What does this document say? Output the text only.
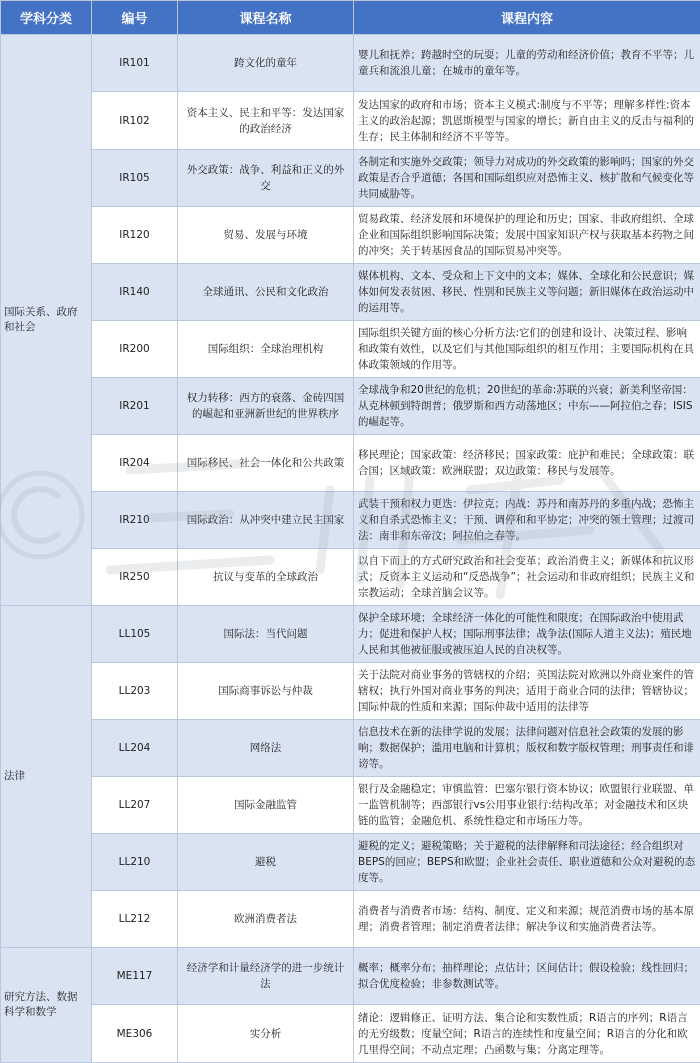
学科分类	编号	课程名称	课程内容
国际关系、政府和社会	IR101	跨文化的童年	婴儿和抚养；跨越时空的玩耍；儿童的劳动和经济价值；教育不平等；儿童兵和流浪儿童；在城市的童年等。
	IR102	资本主义、民主和平等：发达国家的政治经济	发达国家的政府和市场；资本主义模式:制度与不平等；理解多样性:资本主义的政治起源；凯恩斯模型与国家的增长；新自由主义的反击与福利的生存；民主体制和经济不平等等。
	IR105	外交政策：战争、利益和正义的外交	各制定和实施外交政策；领导力对成功的外交政策的影响吗；国家的外交政策是否合乎道德；各国和国际组织应对恐怖主义、核扩散和气候变化等共同威胁等。
	IR120	贸易、发展与环境	贸易政策、经济发展和环境保护的理论和历史；国家、非政府组织、全球企业和国际组织影响国际决策；发展中国家知识产权与获取基本药物之间的冲突；关于转基因食品的国际贸易冲突等。
	IR140	全球通讯、公民和文化政治	媒体机构、文本、受众和上下文中的文本；媒体、全球化和公民意识；媒体如何发表贫困、移民、性别和民族主义等问题；新旧媒体在政治运动中的运用等。
	IR200	国际组织：全球治理机构	国际组织关键方面的核心分析方法:它们的创建和设计、决策过程、影响和政策有效性，以及它们与其他国际组织的相互作用；主要国际机构在具体政策领域的作用等。
	IR201	权力转移：西方的衰落、金砖四国的崛起和亚洲新世纪的世界秩序	全球战争和20世纪的危机；20世纪的革命:苏联的兴衰；新美利坚帝国：从克林顿到特朗普；俄罗斯和西方动荡地区；中东——阿拉伯之春；ISIS的崛起等。
	IR204	国际移民、社会一体化和公共政策	移民理论；国家政策：经济移民；国家政策：庇护和难民；全球政策：联合国；区域政策：欧洲联盟；双边政策：移民与发展等。
	IR210	国际政治：从冲突中建立民主国家	武装干预和权力更迭：伊拉克；内战：苏丹和南苏丹的多重内战；恐怖主义和自杀式恐怖主义；干预、调停和和平协定；冲突的领土管理；过渡司法：南非和东帝汶；阿拉伯之春等。
	IR250	抗议与变革的全球政治	以自下而上的方式研究政治和社会变革；政治消费主义；新媒体和抗议形式；反资本主义运动和“反恐战争”；社会运动和非政府组织；民族主义和宗教运动；全球首脑会议等。
法律	LL105	国际法：当代问题	保护全球环境；全球经济一体化的可能性和限度；在国际政治中使用武力；促进和保护人权；国际刑事法律；战争法(国际人道主义法)；殖民地人民和其他被征服或被压迫人民的自决权等。
	LL203	国际商事诉讼与仲裁	关于法院对商业事务的管辖权的介绍；英国法院对欧洲以外商业案件的管辖权；执行外国对商业事务的判决；适用于商业合同的法律；管辖协议；国际仲裁的性质和来源；国际仲裁中适用的法律等
	LL204	网络法	信息技术在新的法律学说的发展；法律问题对信息社会政策的发展的影响；数据保护；滥用电脑和计算机；版权和数字版权管理；刑事责任和诽谤等。
	LL207	国际金融监管	银行及金融稳定；审慎监管：巴塞尔银行资本协议；欧盟银行业联盟、单一监管机制等；西部银行vs公用事业银行:结构改革；对金融技术和区块链的监管；金融危机、系统性稳定和市场压力等。
	LL210	避税	避税的定义；避税策略；关于避税的法律解释和司法途径；经合组织对BEPS的回应；BEPS和欧盟；企业社会责任、职业道德和公众对避税的态度等。
	LL212	欧洲消费者法	消费者与消费者市场：结构、制度、定义和来源；规范消费市场的基本原理；消费者管理；制定消费者法律；解决争议和实施消费者法等。
研究方法、数据科学和数学	ME117	经济学和计量经济学的进一步统计法	概率；概率分布；抽样理论；点估计；区间估计；假设检验；线性回归；拟合优度检验；非参数测试等。
	ME306	实分析	绪论：逻辑修正、证明方法、集合论和实数性质；R语言的序列；R语言的无穷级数；度量空间；R语言的连续性和度量空间；R语言的分化和欧几里得空间；不动点定理；凸函数与集；分离定理等。
